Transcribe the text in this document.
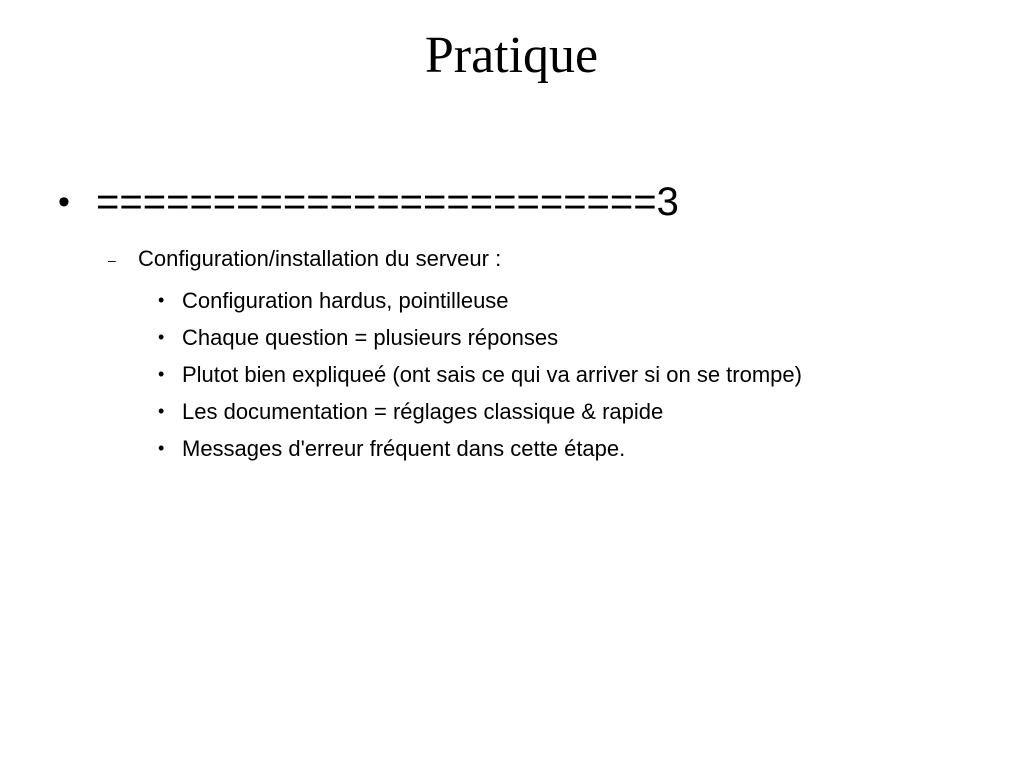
Pratique
• ========================3
– Configuration/installation du serveur :
• Configuration hardus, pointilleuse
• Chaque question = plusieurs réponses
• Plutot bien expliqueé (ont sais ce qui va arriver si on se trompe)
• Les documentation = réglages classique & rapide
• Messages d'erreur fréquent dans cette étape.
